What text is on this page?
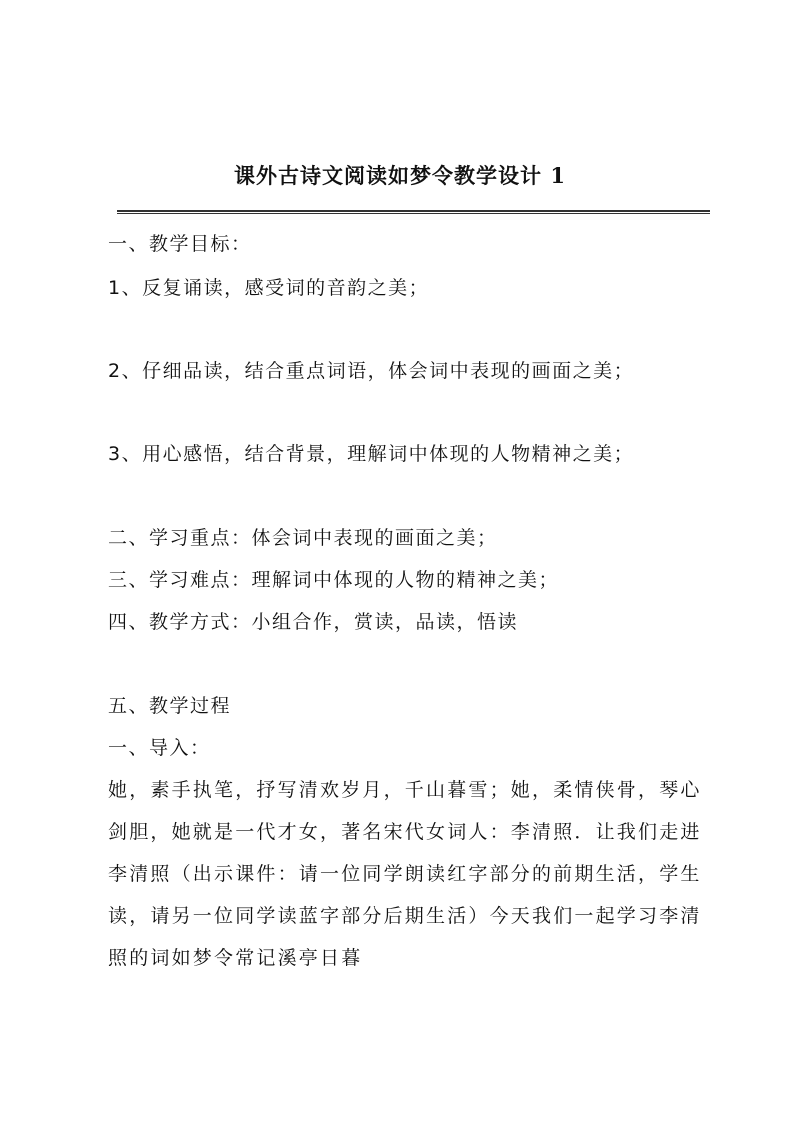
课外古诗文阅读如梦令教学设计 1
一、教学目标：
1、反复诵读，感受词的音韵之美；
2、仔细品读，结合重点词语，体会词中表现的画面之美；
3、用心感悟，结合背景，理解词中体现的人物精神之美；
二、学习重点：体会词中表现的画面之美；
三、学习难点：理解词中体现的人物的精神之美；
四、教学方式：小组合作，赏读，品读，悟读
五、教学过程
一、导入：
她，素手执笔，抒写清欢岁月，千山暮雪；她，柔情侠骨，琴心
剑胆，她就是一代才女，著名宋代女词人：李清照．让我们走进
李清照（出示课件：请一位同学朗读红字部分的前期生活，学生
读，请另一位同学读蓝字部分后期生活）今天我们一起学习李清
照的词如梦令常记溪亭日暮
